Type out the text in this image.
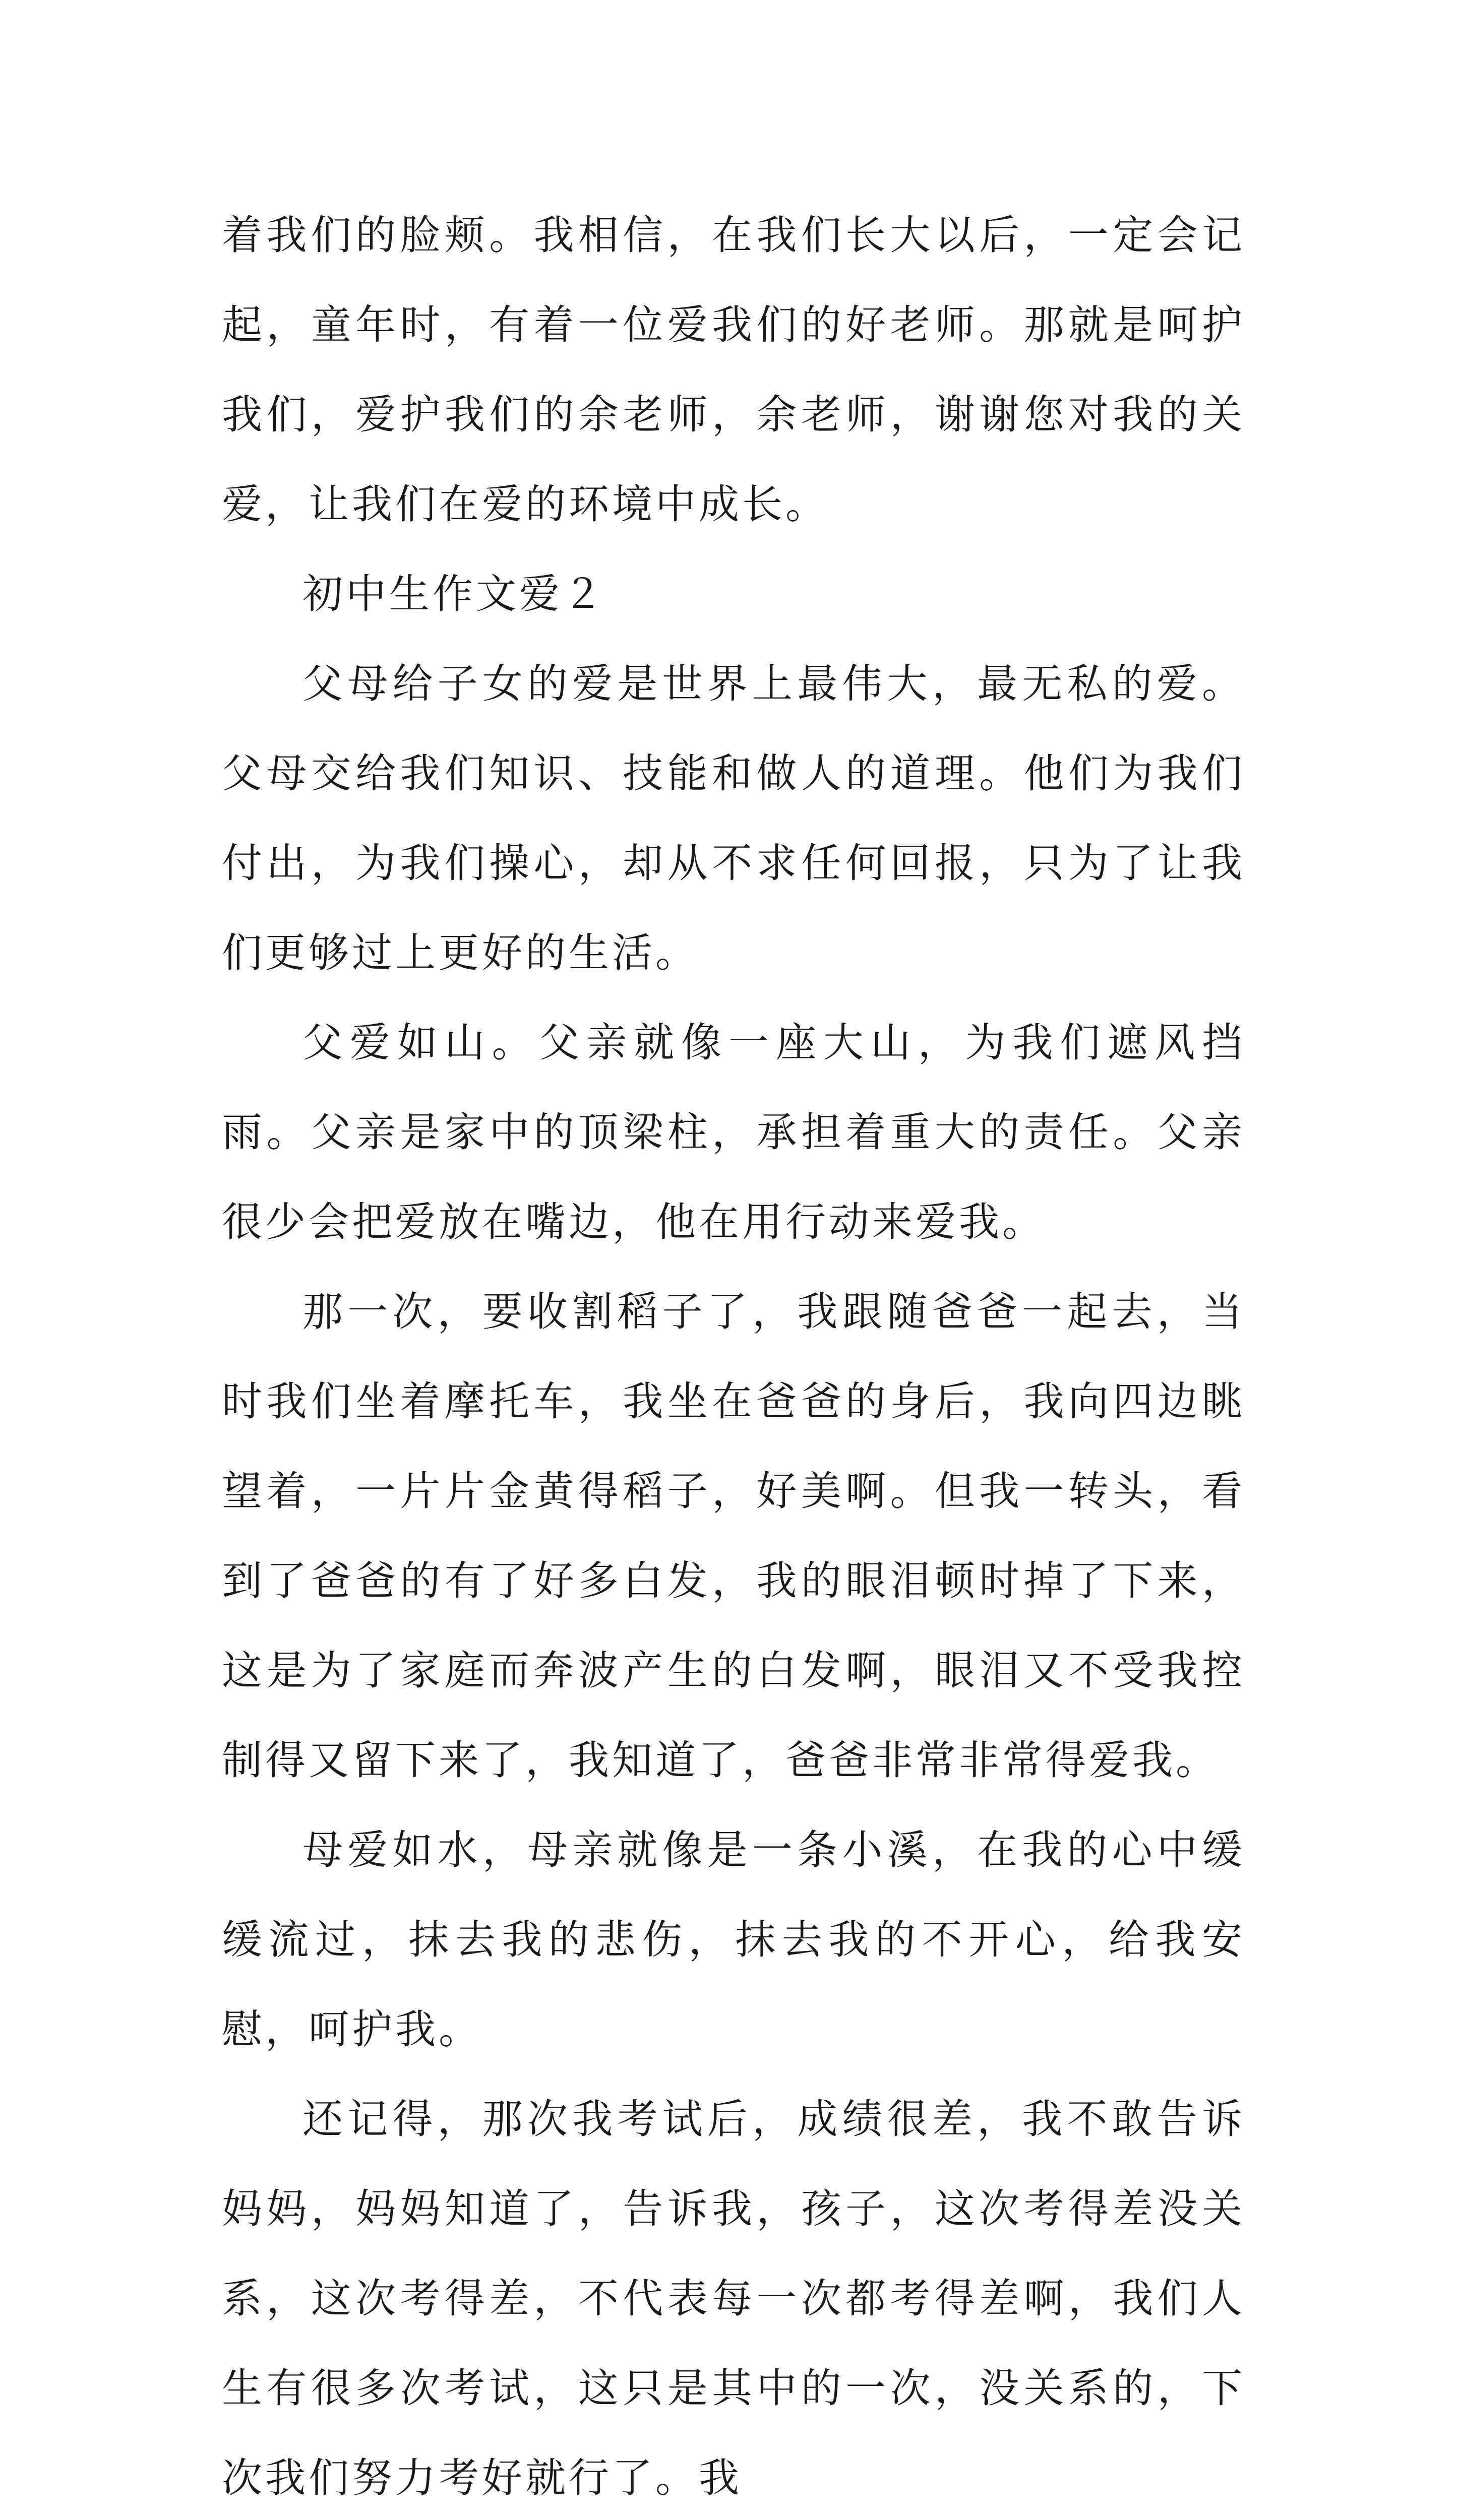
着我们的脸颊。我相信，在我们长大以后，一定会记起，童年时，有着一位爱我们的好老师。那就是呵护我们，爱护我们的余老师，余老师，谢谢您对我的关爱，让我们在爱的环境中成长。

初中生作文爱２

父母给子女的爱是世界上最伟大，最无私的爱。父母交给我们知识、技能和做人的道理。他们为我们付出，为我们操心，却从不求任何回报，只为了让我们更够过上更好的生活。

父爱如山。父亲就像一座大山，为我们遮风挡雨。父亲是家中的顶梁柱，承担着重大的责任。父亲很少会把爱放在嘴边，他在用行动来爱我。

那一次，要收割稻子了，我跟随爸爸一起去，当时我们坐着摩托车，我坐在爸爸的身后，我向四边眺望着，一片片金黄得稻子，好美啊。但我一转头，看到了爸爸的有了好多白发，我的眼泪顿时掉了下来，这是为了家庭而奔波产生的白发啊，眼泪又不受我控制得又留下来了，我知道了，爸爸非常非常得爱我。

母爱如水，母亲就像是一条小溪，在我的心中缓缓流过，抹去我的悲伤，抹去我的不开心，给我安慰，呵护我。

还记得，那次我考试后，成绩很差，我不敢告诉妈妈，妈妈知道了，告诉我，孩子，这次考得差没关系，这次考得差，不代表每一次都考得差啊，我们人生有很多次考试，这只是其中的一次，没关系的，下次我们努力考好就行了。我
